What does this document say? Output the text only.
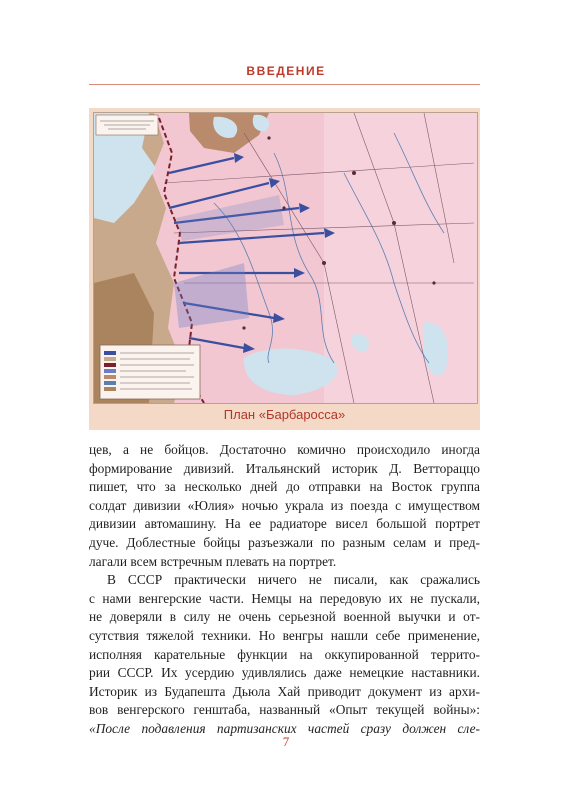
ВВЕДЕНИЕ
План «Барбаросса»
цев, а не бойцов. Достаточно комично происходило иногда
формирование дивизий. Итальянский историк Д. Веттораццо
пишет, что за несколько дней до отправки на Восток группа
солдат дивизии «Юлия» ночью украла из поезда с имуществом
дивизии автомашину. На ее радиаторе висел большой портрет
дуче. Доблестные бойцы разъезжали по разным селам и пред-
лагали всем встречным плевать на портрет.
В СССР практически ничего не писали, как сражались
с нами венгерские части. Немцы на передовую их не пускали,
не доверяли в силу не очень серьезной военной выучки и от-
сутствия тяжелой техники. Но венгры нашли себе применение,
исполняя карательные функции на оккупированной террито-
рии СССР. Их усердию удивлялись даже немецкие наставники.
Историк из Будапешта Дьюла Хай приводит документ из архи-
вов венгерского генштаба, названный «Опыт текущей войны»:
«После подавления партизанских частей сразу должен сле-
7
